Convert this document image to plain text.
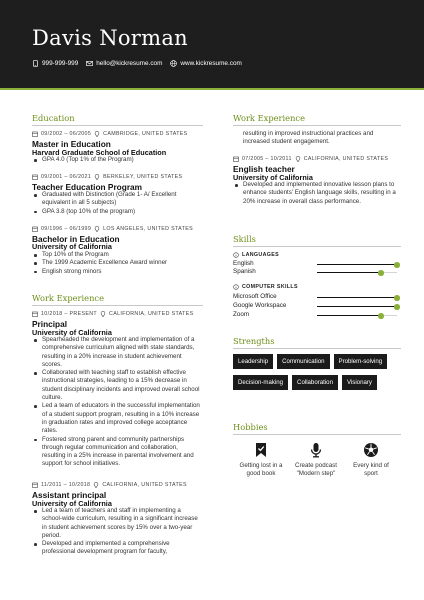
Davis Norman
999-999-999	hello@kickresume.com	www.kickresume.com
Education
09/2002 – 06/2005 CAMBRIDGE, UNITED STATES
Master in Education
Harvard Graduate School of Education
GPA 4.0 (Top 1% of the Program)
09/2001 – 06/2021 BERKELEY, UNITED STATES
Teacher Education Program
Graduated with Distinction (Grade 1- A/ Excellent equivalent in all 5 subjects)
GPA 3.8 (top 10% of the program)
09/1996 – 06/1999 LOS ANGELES, UNITED STATES
Bachelor in Education
University of California
Top 10% of the Program
The 1999 Academic Excellence Award winner
English strong minors
Work Experience
10/2018 – PRESENT CALIFORNIA, UNITED STATES
Principal
University of California
Spearheaded the development and implementation of a comprehensive curriculum aligned with state standards, resulting in a 20% increase in student achievement scores.
Collaborated with teaching staff to establish effective instructional strategies, leading to a 15% decrease in student disciplinary incidents and improved overall school culture.
Led a team of educators in the successful implementation of a student support program, resulting in a 10% increase in graduation rates and improved college acceptance rates.
Fostered strong parent and community partnerships through regular communication and collaboration, resulting in a 25% increase in parental involvement and support for school initiatives.
11/2011 – 10/2018 CALIFORNIA, UNITED STATES
Assistant principal
University of California
Led a team of teachers and staff in implementing a school-wide curriculum, resulting in a significant increase in student achievement scores by 15% over a two-year period.
Developed and implemented a comprehensive professional development program for faculty,
Work Experience
resulting in improved instructional practices and increased student engagement.
07/2005 – 10/2011 CALIFORNIA, UNITED STATES
English teacher
University of California
Developed and implemented innovative lesson plans to enhance students' English language skills, resulting in a 20% increase in overall class performance.
Skills
LANGUAGES
English
Spanish
COMPUTER SKILLS
Microsoft Office
Google Workspace
Zoom
Strengths
Leadership	Communication	Problem-solving
Decision-making	Collaboration	Visionary
Hobbies
Getting lost in a
good book
Create podcast
"Modern step"
Every kind of
sport
